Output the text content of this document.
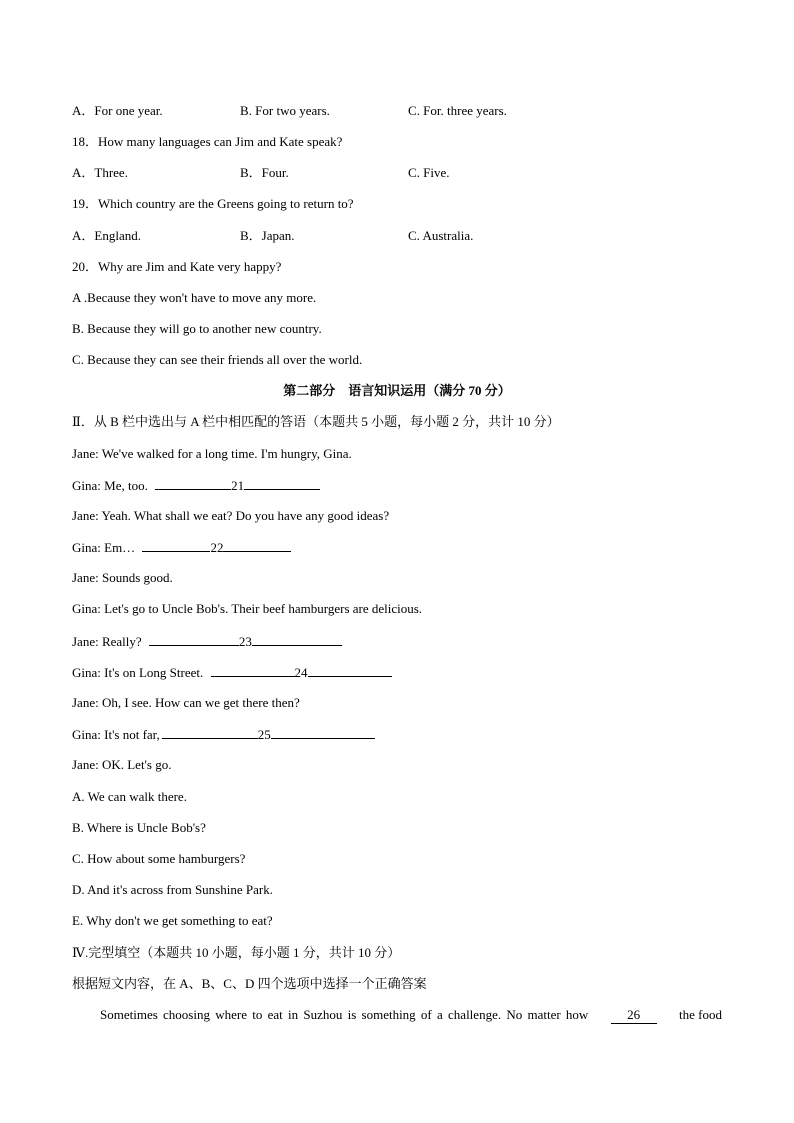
A．For one year.	B. For two years.	C. For. three years.
18．How many languages can Jim and Kate speak?
A．Three.	B．Four.	C. Five.
19．Which country are the Greens going to return to?
A．England.	B．Japan.	C. Australia.
20．Why are Jim and Kate very happy?
A .Because they won't have to move any more.
B. Because they will go to another new country.
C. Because they can see their friends all over the world.
第二部分　语言知识运用（满分 70 分）
Ⅱ．从 B 栏中选出与 A 栏中相匹配的答语（本题共 5 小题，每小题 2 分，共计 10 分）
Jane: We've walked for a long time. I'm hungry, Gina.
Gina: Me, too.	21
Jane: Yeah. What shall we eat? Do you have any good ideas?
Gina: Em…	22
Jane: Sounds good.
Gina: Let's go to Uncle Bob's. Their beef hamburgers are delicious.
Jane: Really?	23
Gina: It's on Long Street.	24
Jane: Oh, I see. How can we get there then?
Gina: It's not far,	25
Jane: OK. Let's go.
A. We can walk there.
B. Where is Uncle Bob's?
C. How about some hamburgers?
D. And it's across from Sunshine Park.
E. Why don't we get something to eat?
Ⅳ.完型填空（本题共 10 小题，每小题 1 分，共计 10 分）
根据短文内容，在 A、B、C、D 四个选项中选择一个正确答案
Sometimes choosing where to eat in Suzhou is something of a challenge. No matter how	26	the food
